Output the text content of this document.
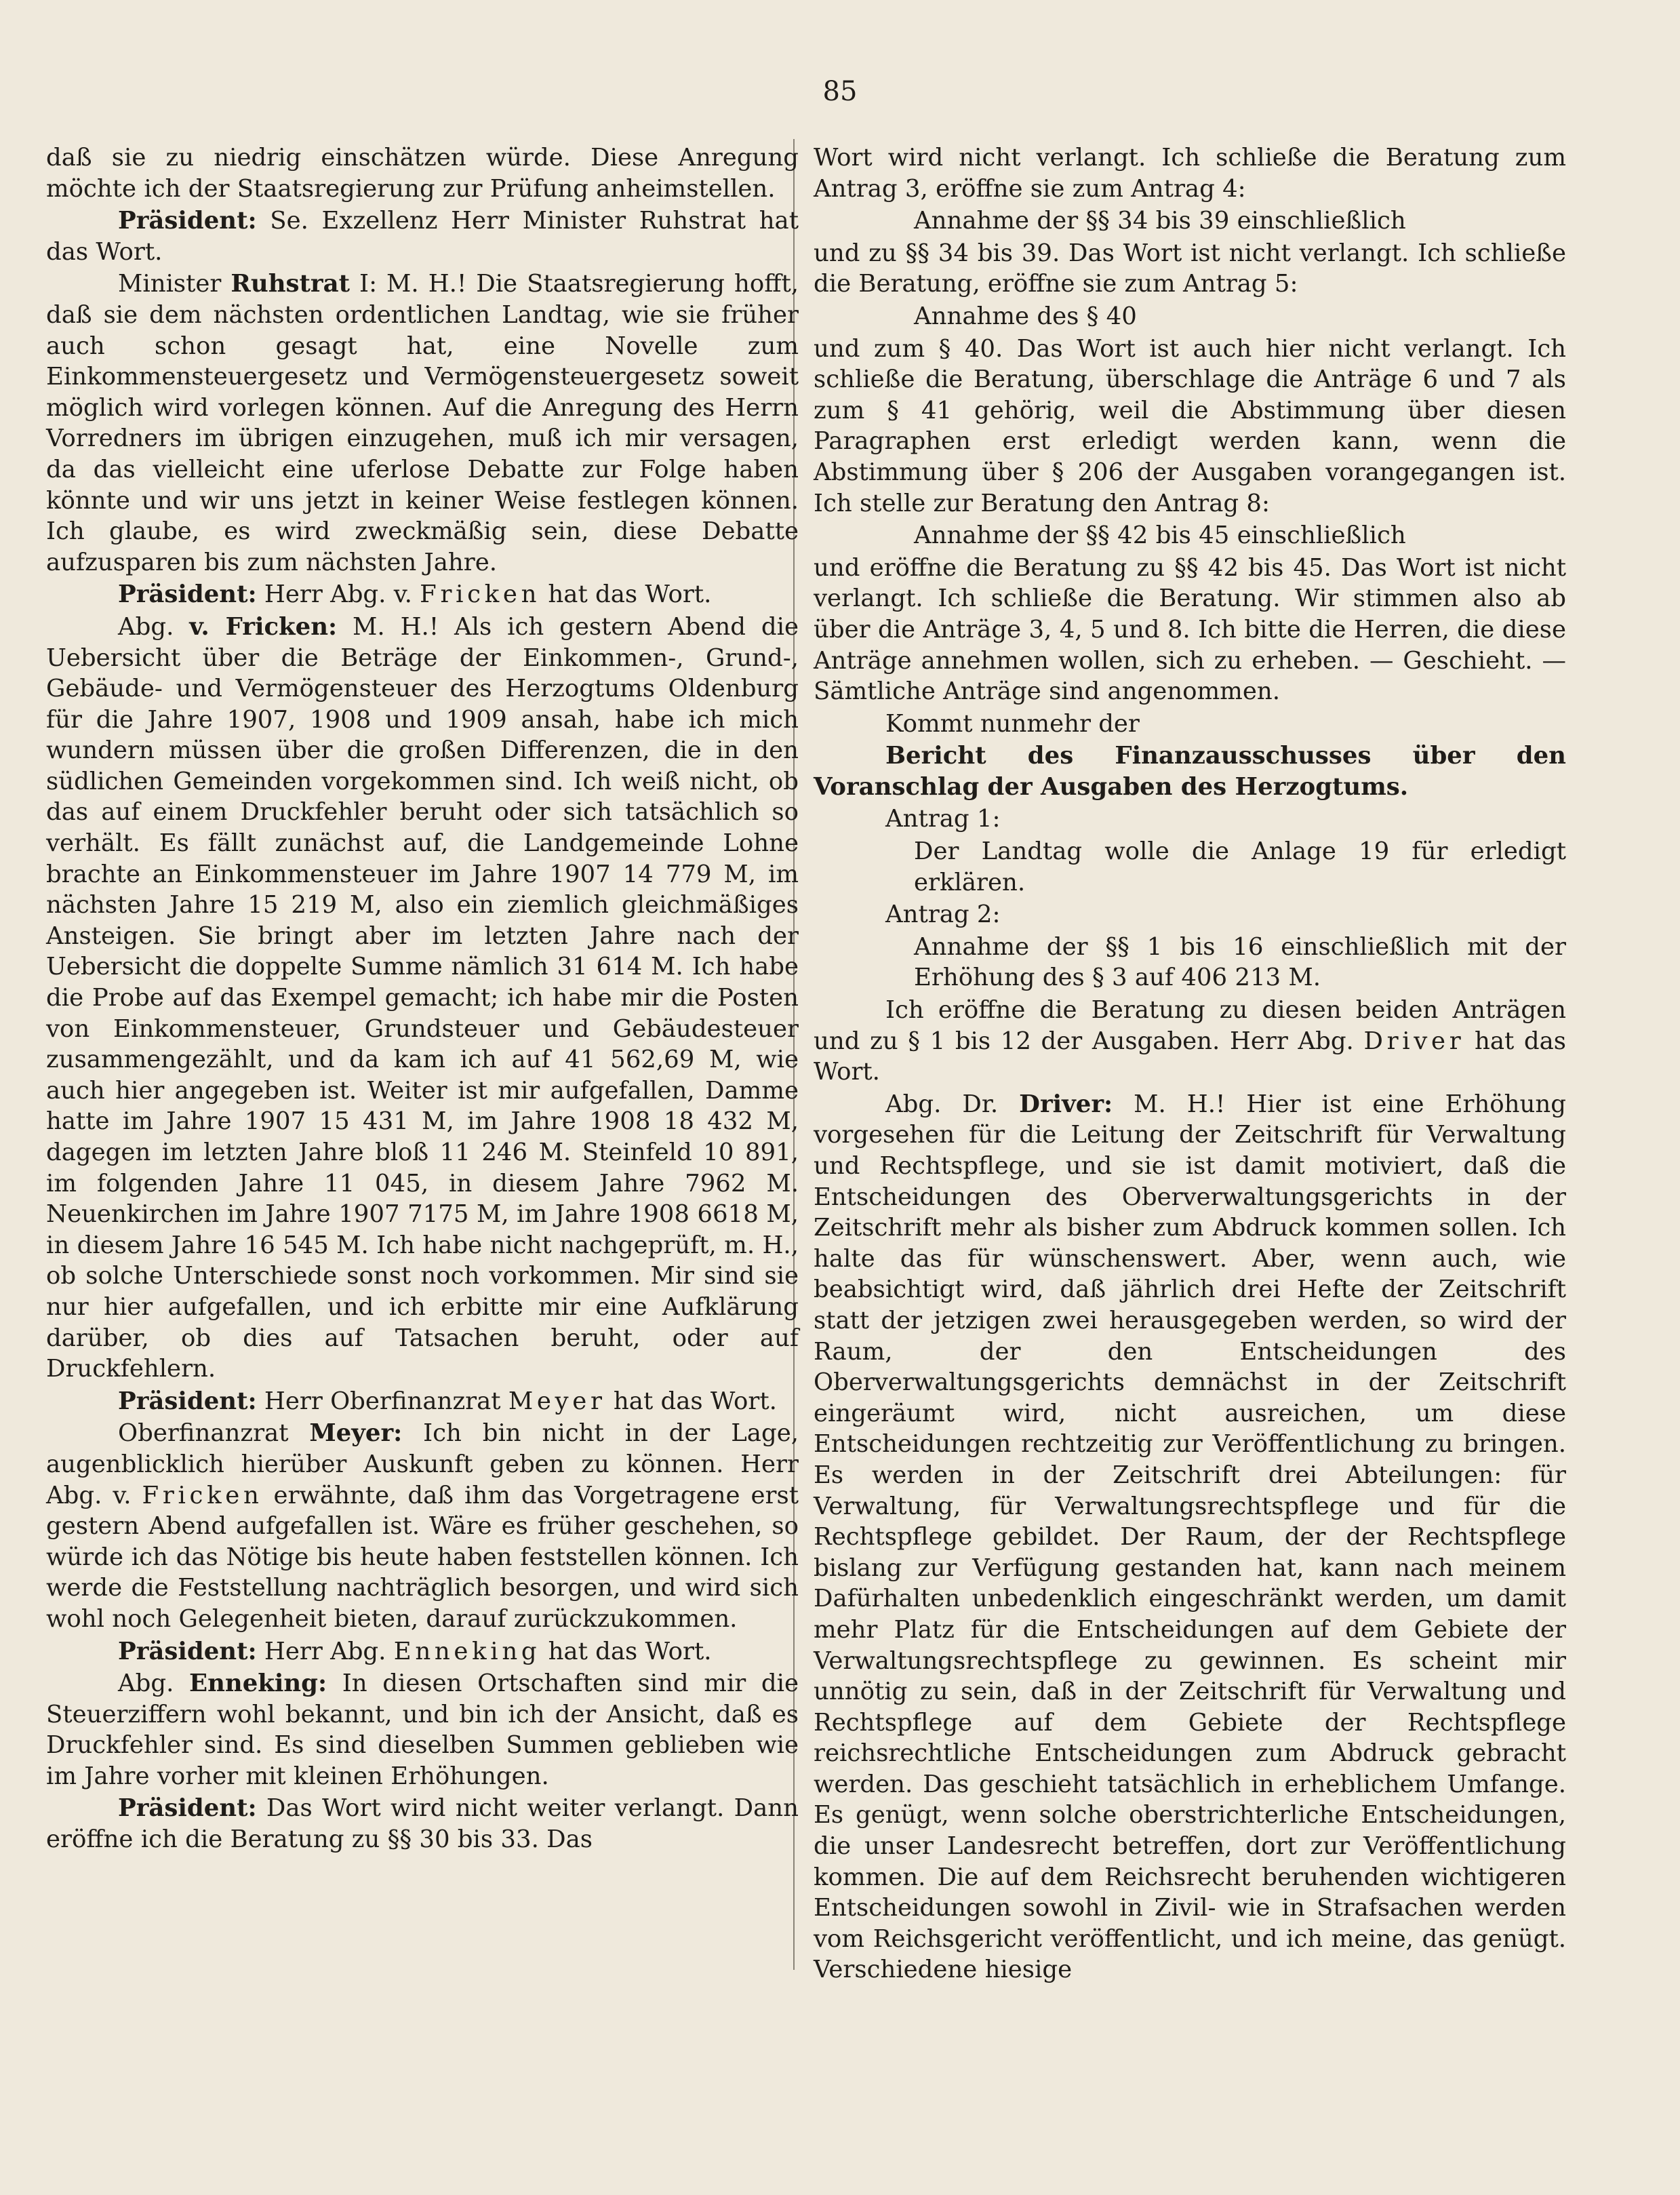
85

daß sie zu niedrig einschätzen würde. Diese Anregung möchte ich der Staatsregierung zur Prüfung anheimstellen.

Präsident: Se. Exzellenz Herr Minister Ruhstrat hat das Wort.

Minister Ruhstrat I: M. H.! Die Staatsregierung hofft, daß sie dem nächsten ordentlichen Landtag, wie sie früher auch schon gesagt hat, eine Novelle zum Einkommensteuergesetz und Vermögensteuergesetz soweit möglich wird vorlegen können. Auf die Anregung des Herrn Vorredners im übrigen einzugehen, muß ich mir versagen, da das vielleicht eine uferlose Debatte zur Folge haben könnte und wir uns jetzt in keiner Weise festlegen können. Ich glaube, es wird zweckmäßig sein, diese Debatte aufzusparen bis zum nächsten Jahre.

Präsident: Herr Abg. v. Fricken hat das Wort.

Abg. v. Fricken: M. H.! Als ich gestern Abend die Uebersicht über die Beträge der Einkommen-, Grund-, Gebäude- und Vermögensteuer des Herzogtums Oldenburg für die Jahre 1907, 1908 und 1909 ansah, habe ich mich wundern müssen über die großen Differenzen, die in den südlichen Gemeinden vorgekommen sind. Ich weiß nicht, ob das auf einem Druckfehler beruht oder sich tatsächlich so verhält. Es fällt zunächst auf, die Landgemeinde Lohne brachte an Einkommensteuer im Jahre 1907 14 779 M, im nächsten Jahre 15 219 M, also ein ziemlich gleichmäßiges Ansteigen. Sie bringt aber im letzten Jahre nach der Uebersicht die doppelte Summe nämlich 31 614 M. Ich habe die Probe auf das Exempel gemacht; ich habe mir die Posten von Einkommensteuer, Grundsteuer und Gebäudesteuer zusammengezählt, und da kam ich auf 41 562,69 M, wie auch hier angegeben ist. Weiter ist mir aufgefallen, Damme hatte im Jahre 1907 15 431 M, im Jahre 1908 18 432 M, dagegen im letzten Jahre bloß 11 246 M. Steinfeld 10 891, im folgenden Jahre 11 045, in diesem Jahre 7962 M. Neuenkirchen im Jahre 1907 7175 M, im Jahre 1908 6618 M, in diesem Jahre 16 545 M. Ich habe nicht nachgeprüft, m. H., ob solche Unterschiede sonst noch vorkommen. Mir sind sie nur hier aufgefallen, und ich erbitte mir eine Aufklärung darüber, ob dies auf Tatsachen beruht, oder auf Druckfehlern.

Präsident: Herr Oberfinanzrat Meyer hat das Wort.

Oberfinanzrat Meyer: Ich bin nicht in der Lage, augenblicklich hierüber Auskunft geben zu können. Herr Abg. v. Fricken erwähnte, daß ihm das Vorgetragene erst gestern Abend aufgefallen ist. Wäre es früher geschehen, so würde ich das Nötige bis heute haben feststellen können. Ich werde die Feststellung nachträglich besorgen, und wird sich wohl noch Gelegenheit bieten, darauf zurückzukommen.

Präsident: Herr Abg. Enneking hat das Wort.

Abg. Enneking: In diesen Ortschaften sind mir die Steuerziffern wohl bekannt, und bin ich der Ansicht, daß es Druckfehler sind. Es sind dieselben Summen geblieben wie im Jahre vorher mit kleinen Erhöhungen.

Präsident: Das Wort wird nicht weiter verlangt. Dann eröffne ich die Beratung zu §§ 30 bis 33. Das

Wort wird nicht verlangt. Ich schließe die Beratung zum Antrag 3, eröffne sie zum Antrag 4:

Annahme der §§ 34 bis 39 einschließlich

und zu §§ 34 bis 39. Das Wort ist nicht verlangt. Ich schließe die Beratung, eröffne sie zum Antrag 5:

Annahme des § 40

und zum § 40. Das Wort ist auch hier nicht verlangt. Ich schließe die Beratung, überschlage die Anträge 6 und 7 als zum § 41 gehörig, weil die Abstimmung über diesen Paragraphen erst erledigt werden kann, wenn die Abstimmung über § 206 der Ausgaben vorangegangen ist. Ich stelle zur Beratung den Antrag 8:

Annahme der §§ 42 bis 45 einschließlich

und eröffne die Beratung zu §§ 42 bis 45. Das Wort ist nicht verlangt. Ich schließe die Beratung. Wir stimmen also ab über die Anträge 3, 4, 5 und 8. Ich bitte die Herren, die diese Anträge annehmen wollen, sich zu erheben. — Geschieht. — Sämtliche Anträge sind angenommen.

Kommt nunmehr der

Bericht des Finanzausschusses über den Voranschlag der Ausgaben des Herzogtums.

Antrag 1:

Der Landtag wolle die Anlage 19 für erledigt erklären.

Antrag 2:

Annahme der §§ 1 bis 16 einschließlich mit der Erhöhung des § 3 auf 406 213 M.

Ich eröffne die Beratung zu diesen beiden Anträgen und zu § 1 bis 12 der Ausgaben. Herr Abg. Driver hat das Wort.

Abg. Dr. Driver: M. H.! Hier ist eine Erhöhung vorgesehen für die Leitung der Zeitschrift für Verwaltung und Rechtspflege, und sie ist damit motiviert, daß die Entscheidungen des Oberverwaltungsgerichts in der Zeitschrift mehr als bisher zum Abdruck kommen sollen. Ich halte das für wünschenswert. Aber, wenn auch, wie beabsichtigt wird, daß jährlich drei Hefte der Zeitschrift statt der jetzigen zwei herausgegeben werden, so wird der Raum, der den Entscheidungen des Oberverwaltungsgerichts demnächst in der Zeitschrift eingeräumt wird, nicht ausreichen, um diese Entscheidungen rechtzeitig zur Veröffentlichung zu bringen. Es werden in der Zeitschrift drei Abteilungen: für Verwaltung, für Verwaltungsrechtspflege und für die Rechtspflege gebildet. Der Raum, der der Rechtspflege bislang zur Verfügung gestanden hat, kann nach meinem Dafürhalten unbedenklich eingeschränkt werden, um damit mehr Platz für die Entscheidungen auf dem Gebiete der Verwaltungsrechtspflege zu gewinnen. Es scheint mir unnötig zu sein, daß in der Zeitschrift für Verwaltung und Rechtspflege auf dem Gebiete der Rechtspflege reichsrechtliche Entscheidungen zum Abdruck gebracht werden. Das geschieht tatsächlich in erheblichem Umfange. Es genügt, wenn solche oberstrichterliche Entscheidungen, die unser Landesrecht betreffen, dort zur Veröffentlichung kommen. Die auf dem Reichsrecht beruhenden wichtigeren Entscheidungen sowohl in Zivil- wie in Strafsachen werden vom Reichsgericht veröffentlicht, und ich meine, das genügt. Verschiedene hiesige
